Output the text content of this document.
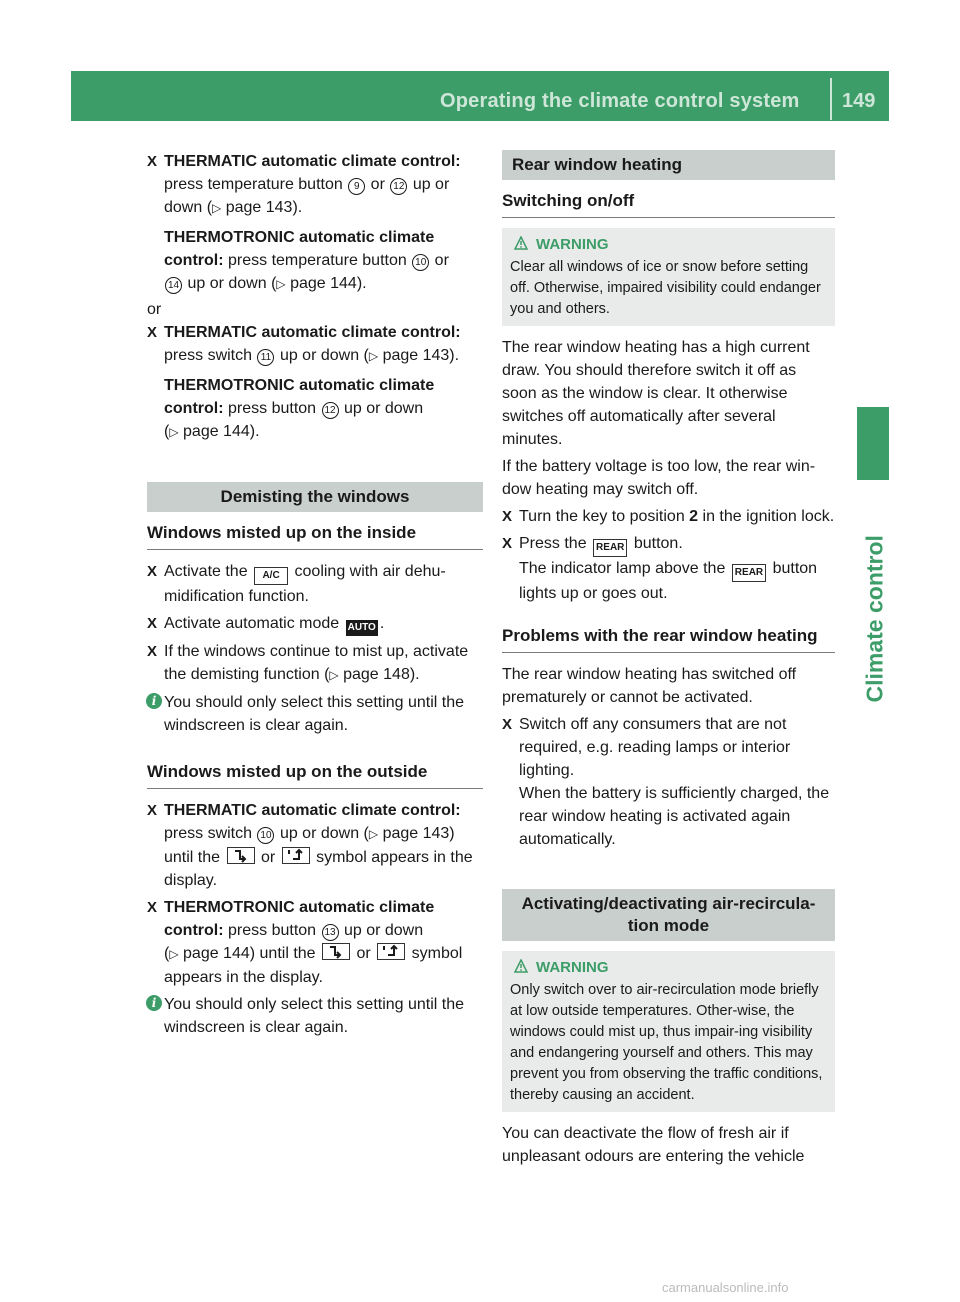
Operating the climate control system 149
Climate control
X THERMATIC automatic climate control:
press temperature button 9 or 12 up or
down (▷ page 143).
THERMOTRONIC automatic climate
control: press temperature button 10 or
14 up or down (▷ page 144).
or
X THERMATIC automatic climate control:
press switch 11 up or down (▷ page 143).
THERMOTRONIC automatic climate
control: press button 12 up or down
(▷ page 144).
Demisting the windows
Windows misted up on the inside
X Activate the A/C cooling with air dehu-midification function.
X Activate automatic mode AUTO .
X If the windows continue to mist up, activate the demisting function (▷ page 148).
i You should only select this setting until the windscreen is clear again.
Windows misted up on the outside
X THERMATIC automatic climate control:
press switch 10 up or down (▷ page 143)
until the	or	symbol appears in the display.
X THERMOTRONIC automatic climate
control: press button 13 up or down
(▷ page 144) until the	or	symbol appears in the display.
i You should only select this setting until the windscreen is clear again.
Rear window heating
Switching on/off
WARNING
Clear all windows of ice or snow before setting off. Otherwise, impaired visibility could endanger you and others.
The rear window heating has a high current draw. You should therefore switch it off as soon as the window is clear. It otherwise switches off automatically after several minutes.
If the battery voltage is too low, the rear win-dow heating may switch off.
X Turn the key to position 2 in the ignition lock.
X Press the REAR button.
The indicator lamp above the REAR button lights up or goes out.
Problems with the rear window heating
The rear window heating has switched off prematurely or cannot be activated.
X Switch off any consumers that are not required, e.g. reading lamps or interior lighting.
When the battery is sufficiently charged, the rear window heating is activated again automatically.
Activating/deactivating air-recircula-tion mode
WARNING
Only switch over to air-recirculation mode briefly at low outside temperatures. Other-wise, the windows could mist up, thus impair-ing visibility and endangering yourself and others. This may prevent you from observing the traffic conditions, thereby causing an accident.
You can deactivate the flow of fresh air if unpleasant odours are entering the vehicle
carmanualsonline.info
